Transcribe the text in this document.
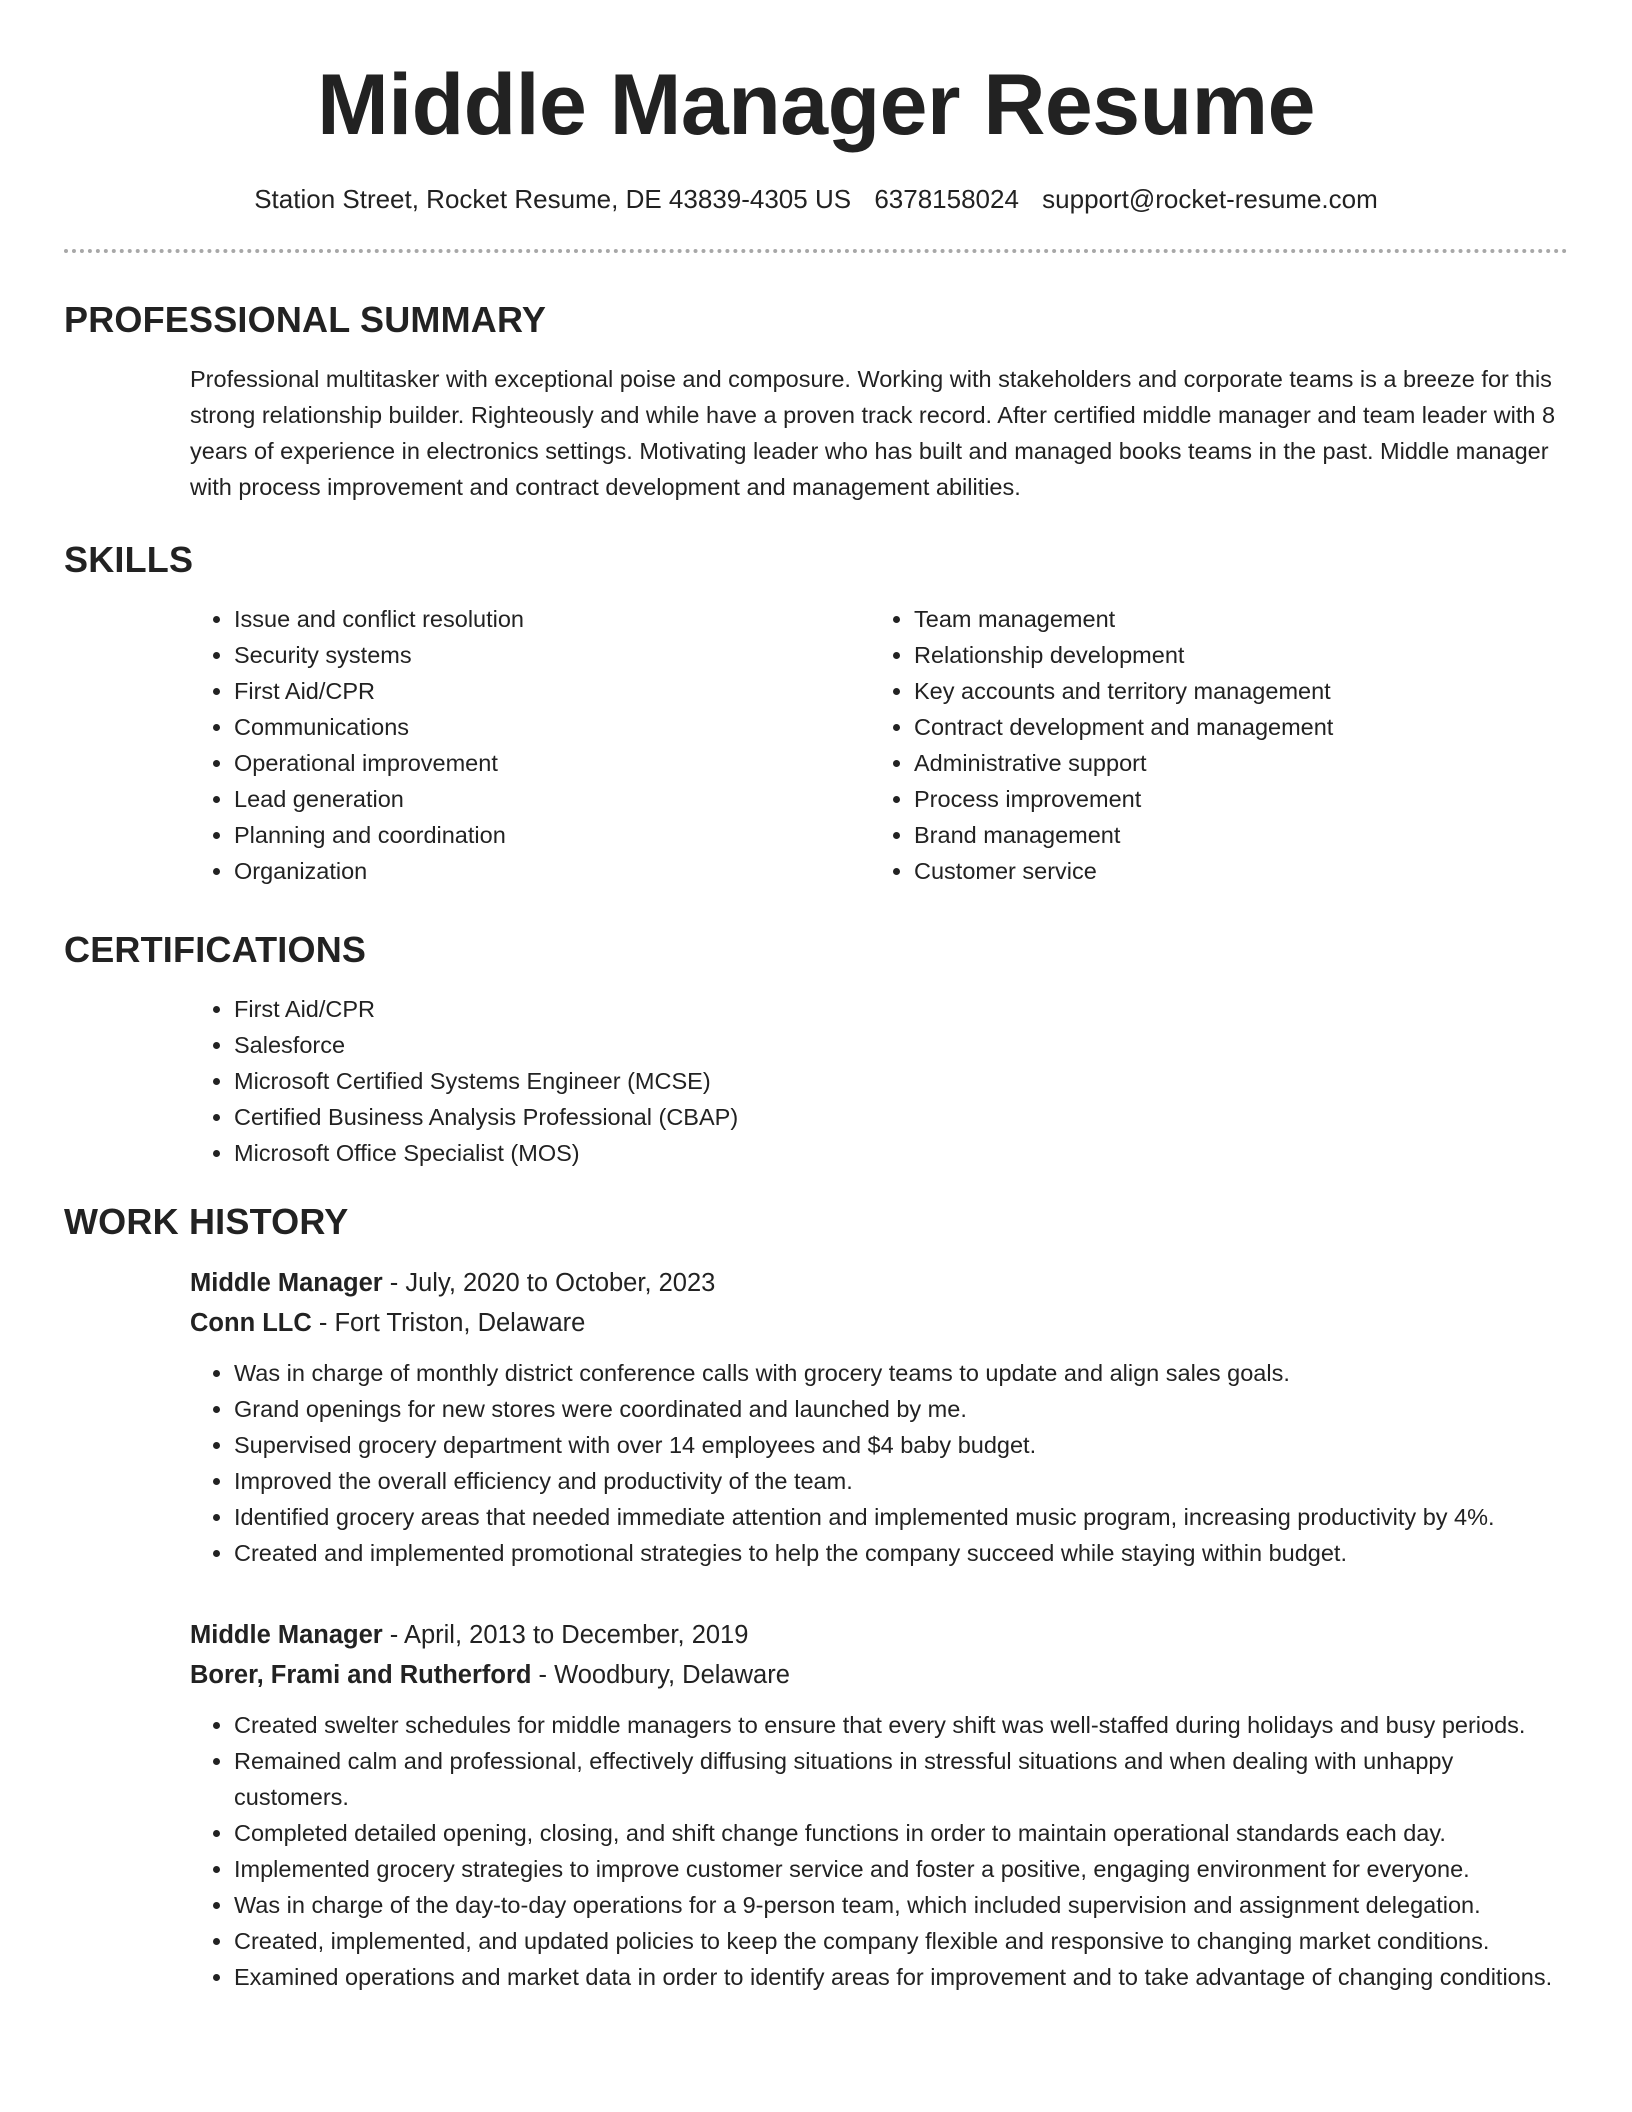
Middle Manager Resume
Station Street, Rocket Resume, DE 43839-4305 US 6378158024 support@rocket-resume.com
PROFESSIONAL SUMMARY

Professional multitasker with exceptional poise and composure. Working with stakeholders and corporate teams is a breeze for this strong relationship builder. Righteously and while have a proven track record. After certified middle manager and team leader with 8 years of experience in electronics settings. Motivating leader who has built and managed books teams in the past. Middle manager with process improvement and contract development and management abilities.

SKILLS
• Issue and conflict resolution
• Security systems
• First Aid/CPR
• Communications
• Operational improvement
• Lead generation
• Planning and coordination
• Organization
• Team management
• Relationship development
• Key accounts and territory management
• Contract development and management
• Administrative support
• Process improvement
• Brand management
• Customer service
CERTIFICATIONS
• First Aid/CPR
• Salesforce
• Microsoft Certified Systems Engineer (MCSE)
• Certified Business Analysis Professional (CBAP)
• Microsoft Office Specialist (MOS)
WORK HISTORY
Middle Manager - July, 2020 to October, 2023
Conn LLC - Fort Triston, Delaware
• Was in charge of monthly district conference calls with grocery teams to update and align sales goals.
• Grand openings for new stores were coordinated and launched by me.
• Supervised grocery department with over 14 employees and $4 baby budget.
• Improved the overall efficiency and productivity of the team.
• Identified grocery areas that needed immediate attention and implemented music program, increasing productivity by 4%.
• Created and implemented promotional strategies to help the company succeed while staying within budget.
Middle Manager - April, 2013 to December, 2019
Borer, Frami and Rutherford - Woodbury, Delaware
• Created swelter schedules for middle managers to ensure that every shift was well-staffed during holidays and busy periods.
• Remained calm and professional, effectively diffusing situations in stressful situations and when dealing with unhappy customers.
• Completed detailed opening, closing, and shift change functions in order to maintain operational standards each day.
• Implemented grocery strategies to improve customer service and foster a positive, engaging environment for everyone.
• Was in charge of the day-to-day operations for a 9-person team, which included supervision and assignment delegation.
• Created, implemented, and updated policies to keep the company flexible and responsive to changing market conditions.
• Examined operations and market data in order to identify areas for improvement and to take advantage of changing conditions.
